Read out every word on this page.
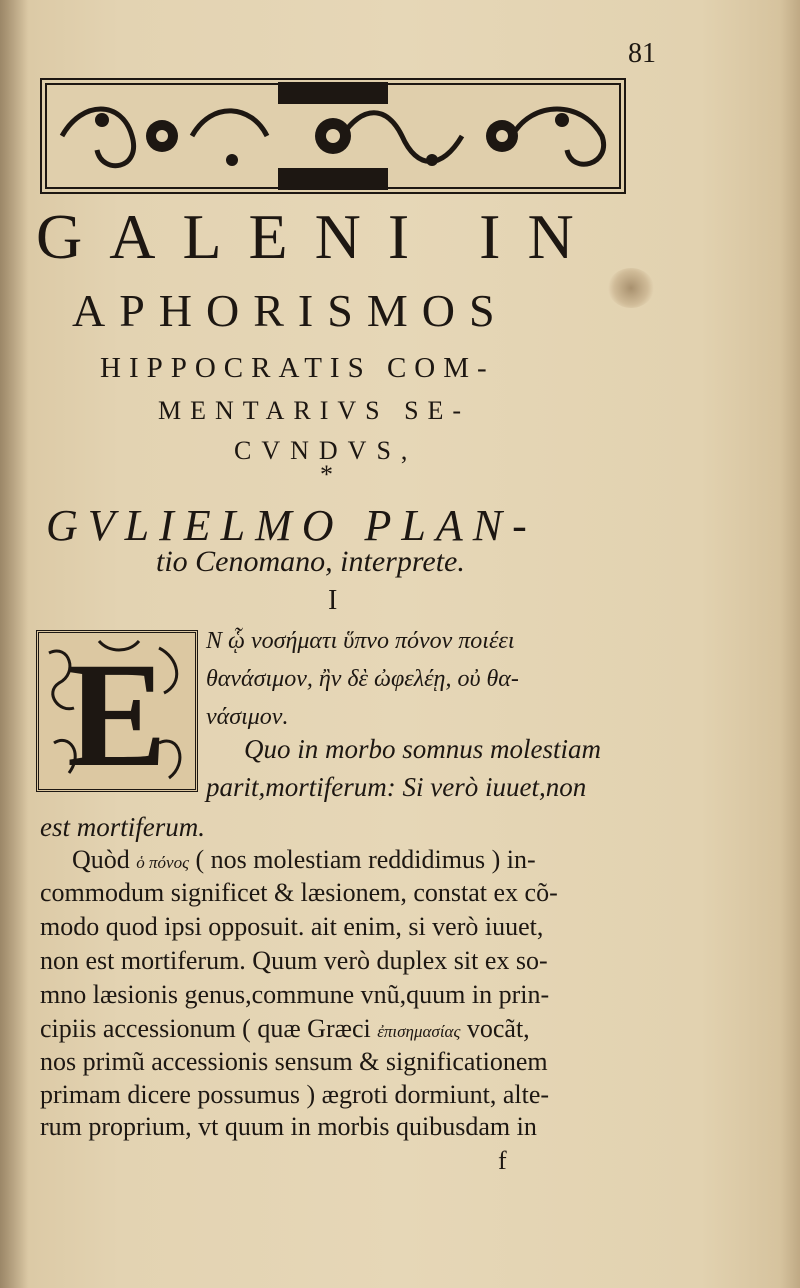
81
GALENI IN
APHORISMOS
HIPPOCRATIS COM-
MENTARIVS SE-
CVNDVS,
*
GVLIELMO PLAN-
tio Cenomano, interprete.
I
E Ν ᾧ νοσήματι ὕπνο πόνον ποιέει
θανάσιμον, ἢν δὲ ὠφελέῃ, οὐ θα-
νάσιμον.
Quo in morbo somnus molestiam
parit,mortiferum: Si verò iuuet,non
est mortiferum.
Quòd ὁ πόνος ( nos molestiam reddidimus ) in-
commodum significet & læsionem, constat ex cõ-
modo quod ipsi opposuit. ait enim, si verò iuuet,
non est mortiferum. Quum verò duplex sit ex so-
mno læsionis genus,commune vnũ,quum in prin-
cipiis accessionum ( quæ Græci ἐπισημασίας vocãt,
nos primũ accessionis sensum & significationem
primam dicere possumus ) ægroti dormiunt, alte-
rum proprium, vt quum in morbis quibusdam in
f
